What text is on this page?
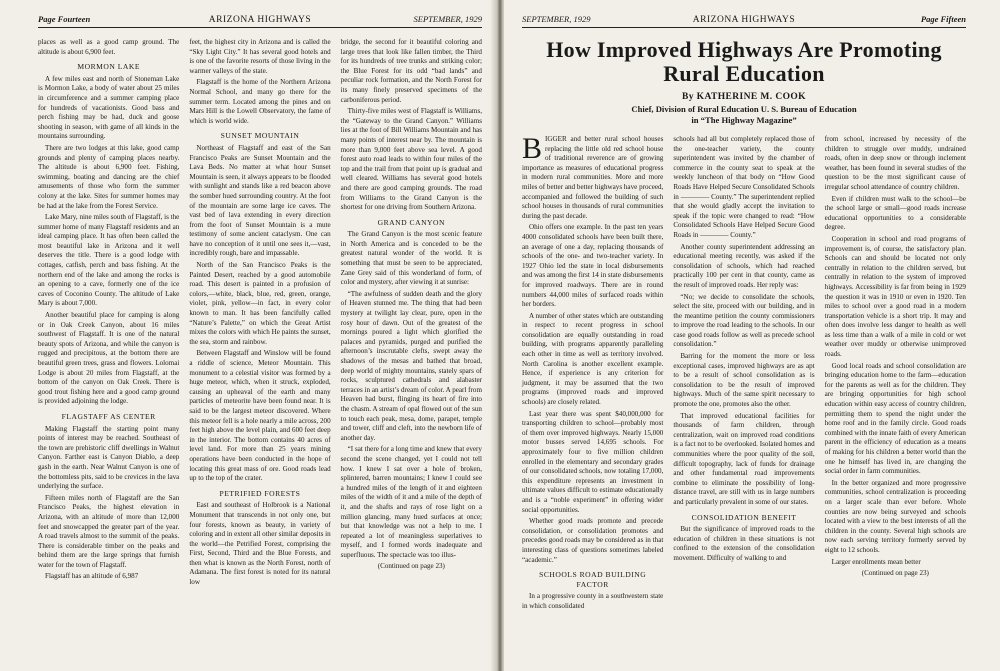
Page Fourteen	ARIZONA HIGHWAYS	SEPTEMBER, 1929

places as well as a good camp ground. The altitude is about 6,900 feet.

MORMON LAKE

A few miles east and north of Stoneman Lake is Mormon Lake, a body of water about 25 miles in circumference and a summer camping place for hundreds of vacationists. Good bass and perch fishing may be had, duck and goose shooting in season, with game of all kinds in the mountains surrounding.

There are two lodges at this lake, good camp grounds and plenty of camping places nearby. The altitude is about 6,900 feet. Fishing, swimming, boating and dancing are the chief amusements of those who form the summer colony at the lake. Sites for summer homes may be had at the lake from the Forest Service.

Lake Mary, nine miles south of Flagstaff, is the summer home of many Flagstaff residents and an ideal camping place. It has often been called the most beautiful lake in Arizona and it well deserves the title. There is a good lodge with cottages, catfish, perch and bass fishing. At the northern end of the lake and among the rocks is an opening to a cave, formerly one of the ice caves of Coconino County. The altitude of Lake Mary is about 7,000.

Another beautiful place for camping is along or in Oak Creek Canyon, about 16 miles southwest of Flagstaff. It is one of the natural beauty spots of Arizona, and while the canyon is rugged and precipitous, at the bottom there are beautiful green trees, grass and flowers. Lolomai Lodge is about 20 miles from Flagstaff, at the bottom of the canyon on Oak Creek. There is good trout fishing here and a good camp ground is provided adjoining the lodge.

FLAGSTAFF AS CENTER

Making Flagstaff the starting point many points of interest may be reached. Southeast of the town are prehistoric cliff dwellings in Walnut Canyon. Farther east is Canyon Diablo, a deep gash in the earth. Near Walnut Canyon is one of the bottomless pits, said to be crevices in the lava underlying the surface.

Fifteen miles north of Flagstaff are the San Francisco Peaks, the highest elevation in Arizona, with an altitude of more than 12,000 feet and snowcapped the greater part of the year. A road travels almost to the summit of the peaks. There is considerable timber on the peaks and behind them are the large springs that furnish water for the town of Flagstaff.

Flagstaff has an altitude of 6,987

feet, the highest city in Arizona and is called the “Sky Light City.” It has several good hotels and is one of the favorite resorts of those living in the warmer valleys of the state.

Flagstaff is the home of the Northern Arizona Normal School, and many go there for the summer term. Located among the pines and on Mars Hill is the Lowell Observatory, the fame of which is world wide.

SUNSET MOUNTAIN

Northeast of Flagstaff and east of the San Francisco Peaks are Sunset Mountain and the Lava Beds. No matter at what hour Sunset Mountain is seen, it always appears to be flooded with sunlight and stands like a red beacon above the somber hued surrounding country. At the foot of the mountain are some large ice caves. The vast bed of lava extending in every direction from the foot of Sunset Mountain is a mute testimony of some ancient cataclysm. One can have no conception of it until one sees it,—vast, incredibly rough, bare and impassable.

North of the San Francisco Peaks is the Painted Desert, reached by a good automobile road. This desert is painted in a profusion of colors,—white, black, blue, red, green, orange, violet, pink, yellow—in fact, in every color known to man. It has been fancifully called “Nature’s Palette,” on which the Great Artist mixes the colors with which He paints the sunset, the sea, storm and rainbow.

Between Flagstaff and Winslow will be found a riddle of science, Meteor Mountain. This monument to a celestial visitor was formed by a huge meteor, which, when it struck, exploded, causing an upheaval of the earth and many particles of meteorite have been found near. It is said to be the largest meteor discovered. Where this meteor fell is a hole nearly a mile across, 200 feet high above the level plain, and 600 feet deep in the interior. The bottom contains 40 acres of level land. For more than 25 years mining operations have been conducted in the hope of locating this great mass of ore. Good roads lead up to the top of the crater.

PETRIFIED FORESTS

East and southeast of Holbrook is a National Monument that transcends in not only one, but four forests, known as beauty, in variety of coloring and in extent all other similar deposits in the world—the Petrified Forest, comprising the First, Second, Third and the Blue Forests, and then what is known as the North Forest, north of Adamana. The first forest is noted for its natural low

bridge, the second for it beautiful coloring and large trees that look like fallen timber, the Third for its hundreds of tree trunks and striking color; the Blue Forest for its odd “bad lands” and peculiar rock formation, and the North Forest for its many finely preserved specimens of the carboniferous period.

Thirty-five miles west of Flagstaff is Williams, the “Gateway to the Grand Canyon.” Williams lies at the foot of Bill Williams Mountain and has many points of interest near by. The mountain is more than 9,000 feet above sea level. A good forest auto road leads to within four miles of the top and the trail from that point up is gradual and well cleared. Williams has several good hotels and there are good camping grounds. The road from Williams to the Grand Canyon is the shortest for one driving from Southern Arizona.

GRAND CANYON

The Grand Canyon is the most scenic feature in North America and is conceded to be the greatest natural wonder of the world. It is something that must be seen to be appreciated, Zane Grey said of this wonderland of form, of color and mystery, after viewing it at sunrise:

“The awfulness of sudden death and the glory of Heaven stunned me. The thing that had been mystery at twilight lay clear, pure, open in the rosy hour of dawn. Out of the greatest of the mornings poured a light which glorified the palaces and pyramids, purged and purified the afternoon’s inscrutable clefts, swept away the shadows of the mesas and bathed that broad, deep world of mighty mountains, stately spars of rocks, sculptured cathedrals and alabaster terraces in an artist’s dream of color. A pearl from Heaven had burst, flinging its heart of fire into the chasm. A stream of opal flowed out of the sun to touch each peak, mesa, dome, parapet, temple and tower, cliff and cleft, into the newborn life of another day.

“I sat there for a long time and knew that every second the scene changed, yet I could not tell how. I knew I sat over a hole of broken, splintered, barren mountains; I knew I could see a hundred miles of the length of it and eighteen miles of the width of it and a mile of the depth of it, and the shafts and rays of rose light on a million glancing, many hued surfaces at once; but that knowledge was not a help to me. I repeated a lot of meaningless superlatives to myself, and I formed words inadequate and superfluous. The spectacle was too illus-

(Continued on page 23)

SEPTEMBER, 1929	ARIZONA HIGHWAYS	Page Fifteen
How Improved Highways Are Promoting
Rural Education

By KATHERINE M. COOK

Chief, Division of Rural Education U. S. Bureau of Education

in “The Highway Magazine”

BIGGER and better rural school houses replacing the little old red school house of traditional reverence are of growing importance as measures of educational progress in modern rural communities. More and more miles of better and better highways have proceed, accompanied and followed the building of such school houses in thousands of rural communities during the past decade.

Ohio offers one example. In the past ten years 4000 consolidated schools have been built there, an average of one a day, replacing thousands of schools of the one- and two-teacher variety. In 1927 Ohio led the state in local disbursements and was among the first 14 in state disbursements for improved roadways. There are in round numbers 44,000 miles of surfaced roads within her borders.

A number of other states which are outstanding in respect to recent progress in school consolidation are equally outstanding in road building, with programs apparently paralleling each other in time as well as territory involved. North Carolina is another excellent example. Hence, if experience is any criterion for judgment, it may be assumed that the two programs (improved roads and improved schools) are closely related.

Last year there was spent $40,000,000 for transporting children to school—probably most of them over improved highways. Nearly 15,000 motor busses served 14,695 schools. For approximately four to five million children enrolled in the elementary and secondary grades of our consolidated schools, now totaling 17,000, this expenditure represents an investment in ultimate values difficult to estimate educationally and is a “noble experiment” in offering wider social opportunities.

Whether good roads promote and precede consolidation, or consolidation promotes and precedes good roads may be considered as in that interesting class of questions sometimes labeled “academic.”

SCHOOLS ROAD BUILDING FACTOR

In a progressive county in a southwestern state in which consolidated

schools had all but completely replaced those of the one-teacher variety, the county superintendent was invited by the chamber of commerce in the county seat to speak at the weekly luncheon of that body on “How Good Roads Have Helped Secure Consolidated Schools in ———— County.” The superintendent replied that she would gladly accept the invitation to speak if the topic were changed to read: “How Consolidated Schools Have Helped Secure Good Roads in ———— County.”

Another county superintendent addressing an educational meeting recently, was asked if the consolidation of schools, which had reached practically 100 per cent in that county, came as the result of improved roads. Her reply was:

“No; we decide to consolidate the schools, select the site, proceed with our building, and in the meantime petition the county commissioners to improve the road leading to the schools. In our case good roads follow as well as precede school consolidation.”

Barring for the moment the more or less exceptional cases, improved highways are as apt to be a result of school consolidation as is consolidation to be the result of improved highways. Much of the same spirit necessary to promote the one, promotes also the other.

That improved educational facilities for thousands of farm children, through centralization, wait on improved road conditions is a fact not to be overlooked. Isolated homes and communities where the poor quality of the soil, difficult topography, lack of funds for drainage and other fundamental road improvements combine to eliminate the possibility of long-distance travel, are still with us in large numbers and particularly prevalent in some of our states.

CONSOLIDATION BENEFIT

But the significance of improved roads to the education of children in these situations is not confined to the extension of the consolidation movement. Difficulty of walking to and

from school, increased by necessity of the children to struggle over muddy, undrained roads, often in deep snow or through inclement weather, has been found in several studies of the question to be the most significant cause of irregular school attendance of country children.

Even if children must walk to the school—be the school large or small—good roads increase educational opportunities to a considerable degree.

Cooperation in school and road programs of improvement is, of course, the satisfactory plan. Schools can and should be located not only centrally in relation to the children served, but centrally in relation to the system of improved highways. Accessibility is far from being in 1929 the question it was in 1910 or even in 1920. Ten miles to school over a good road in a modern transportation vehicle is a short trip. It may and often does involve less danger to health as well as less time than a walk of a mile in cold or wet weather over muddy or otherwise unimproved roads.

Good local roads and school consolidation are bringing education home to the farm—education for the parents as well as for the children. They are bringing opportunities for high school education within easy access of country children, permitting them to spend the night under the home roof and in the family circle. Good roads combined with the innate faith of every American parent in the efficiency of education as a means of making for his children a better world than the one he himself has lived in, are changing the social order in farm communities.

In the better organized and more progressive communities, school centralization is proceeding on a larger scale than ever before. Whole counties are now being surveyed and schools located with a view to the best interests of all the children in the county. Several high schools are now each serving territory formerly served by eight to 12 schools.

Larger enrollments mean better

(Continued on page 23)
